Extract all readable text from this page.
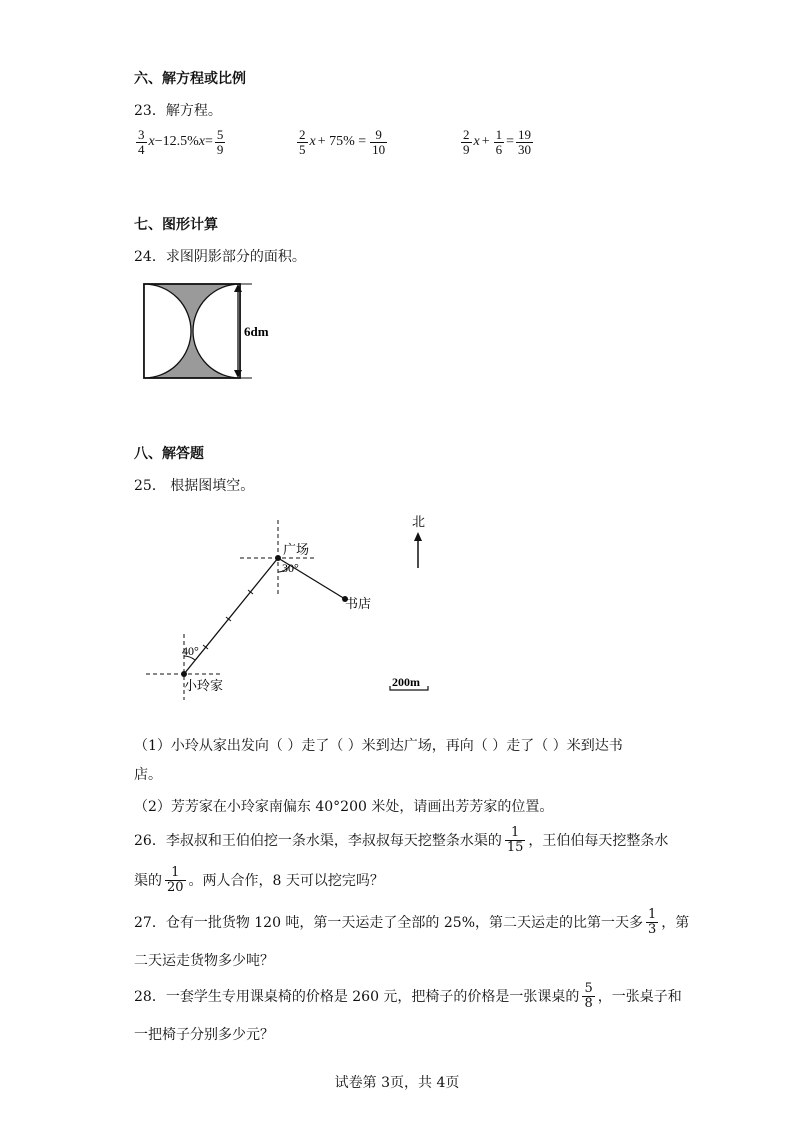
六、解方程或比例
23．解方程。
$\frac{3}{4}$ x −12.5% $x = \frac{5}{9}$	$\frac{2}{5}$ $x + 75\% = \frac{9}{10}$	$\frac{2}{9}$ $x + \frac{1}{6} = \frac{19}{30}$
七、图形计算
24．求图阴影部分的面积。
6dm
八、解答题
25． 根据图填空。
广场
30°
书店
40°
小玲家
北
200m
（1）小玲从家出发向（ ）走了（ ）米到达广场，再向（ ）走了（ ）米到达书
店。
（2）芳芳家在小玲家南偏东 40°200 米处，请画出芳芳家的位置。
26．李叔叔和王伯伯挖一条水渠，李叔叔每天挖整条水渠的 $\frac{1}{15}$ ，王伯伯每天挖整条水
渠的 $\frac{1}{20}$ 。两人合作，8 天可以挖完吗？
27．仓有一批货物 120 吨，第一天运走了全部的 25%，第二天运走的比第一天多 $\frac{1}{3}$ ，第
二天运走货物多少吨？
28．一套学生专用课桌椅的价格是 260 元，把椅子的价格是一张课桌的 $\frac{5}{8}$ ，一张桌子和
一把椅子分别多少元？
试卷第 3页，共 4页
